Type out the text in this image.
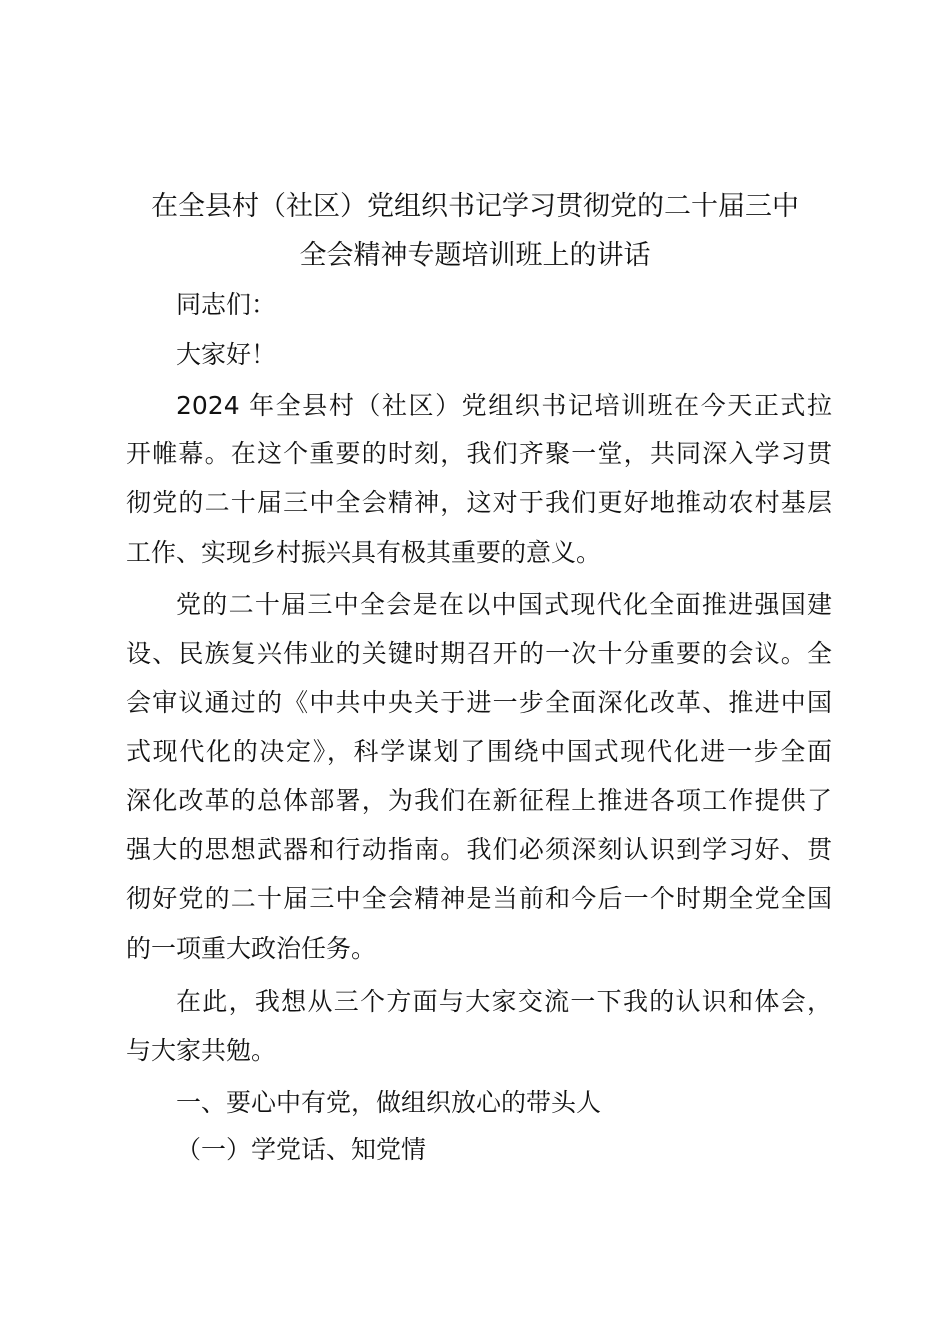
在全县村（社区）党组织书记学习贯彻党的二十届三中
全会精神专题培训班上的讲话
同志们：
大家好！
2024 年全县村（社区）党组织书记培训班在今天正式拉
开帷幕。在这个重要的时刻，我们齐聚一堂，共同深入学习贯
彻党的二十届三中全会精神，这对于我们更好地推动农村基层
工作、实现乡村振兴具有极其重要的意义。
党的二十届三中全会是在以中国式现代化全面推进强国建
设、民族复兴伟业的关键时期召开的一次十分重要的会议。全
会审议通过的《中共中央关于进一步全面深化改革、推进中国
式现代化的决定》，科学谋划了围绕中国式现代化进一步全面
深化改革的总体部署，为我们在新征程上推进各项工作提供了
强大的思想武器和行动指南。我们必须深刻认识到学习好、贯
彻好党的二十届三中全会精神是当前和今后一个时期全党全国
的一项重大政治任务。
在此，我想从三个方面与大家交流一下我的认识和体会，
与大家共勉。
一、要心中有党，做组织放心的带头人
（一）学党话、知党情
